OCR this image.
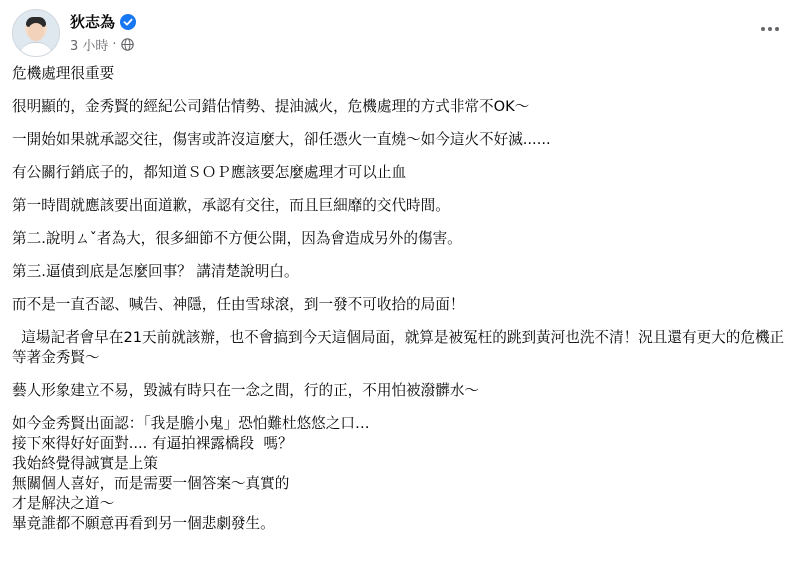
狄志為
3 小時 ·

危機處理很重要

很明顯的，金秀賢的經紀公司錯估情勢、提油滅火，危機處理的方式非常不OK～

一開始如果就承認交往，傷害或許沒這麼大，卻任憑火一直燒～如今這火不好滅......

有公關行銷底子的，都知道ＳＯＰ應該要怎麼處理才可以止血

第一時間就應該要出面道歉，承認有交往，而且巨細靡的交代時間。

第二.說明ㄙˇ者為大，很多細節不方便公開，因為會造成另外的傷害。

第三.逼債到底是怎麼回事？ 講清楚說明白。

而不是一直否認、喊告、神隱，任由雪球滾，到一發不可收拾的局面！

這場記者會早在21天前就該辦，也不會搞到今天這個局面，就算是被冤枉的跳到黃河也洗不清！況且還有更大的危機正等著金秀賢～

藝人形象建立不易，毀滅有時只在一念之間，行的正，不用怕被潑髒水～

如今金秀賢出面認：「我是膽小鬼」恐怕難杜悠悠之口…

接下來得好好面對.... 有逼拍裸露橋段  嗎？

我始終覺得誠實是上策

無關個人喜好，而是需要一個答案～真實的

才是解決之道～

畢竟誰都不願意再看到另一個悲劇發生。
